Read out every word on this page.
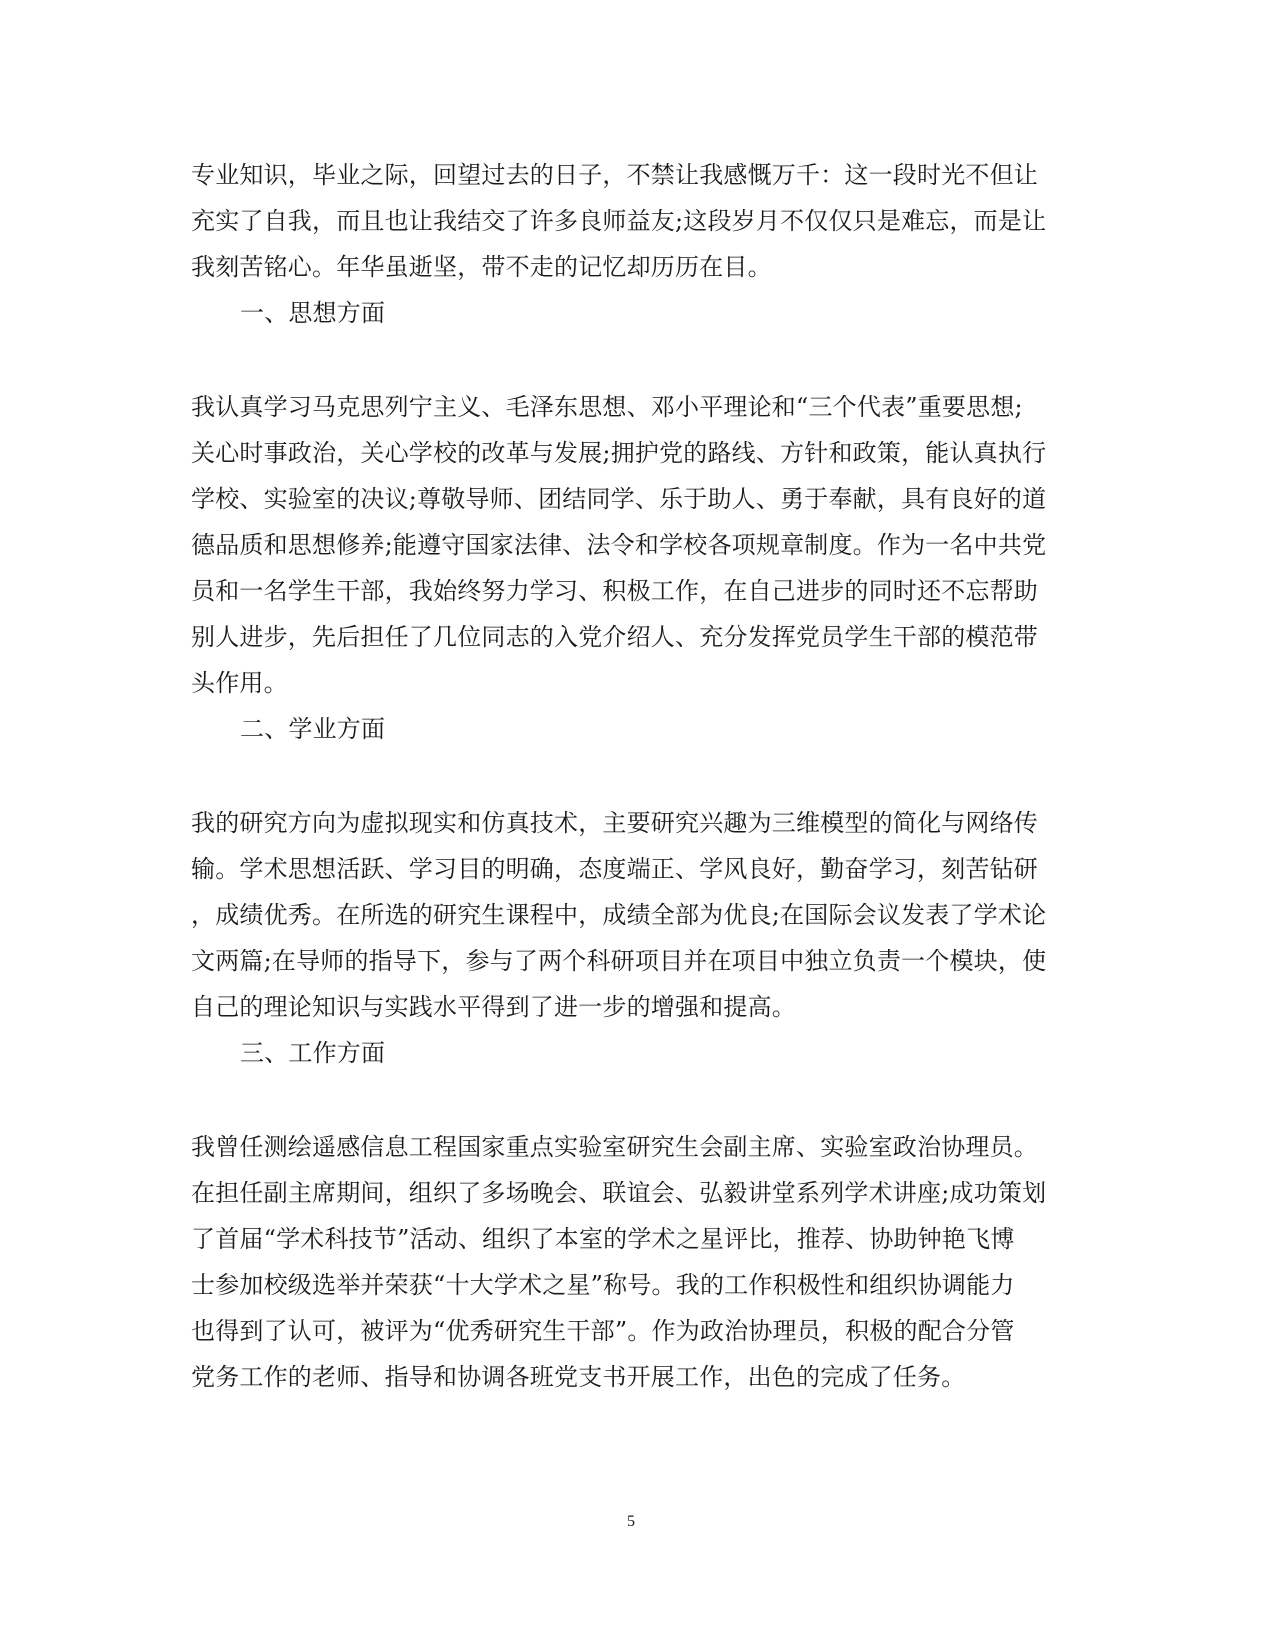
专业知识，毕业之际，回望过去的日子，不禁让我感慨万千：这一段时光不但让
充实了自我，而且也让我结交了许多良师益友;这段岁月不仅仅只是难忘，而是让
我刻苦铭心。年华虽逝坚，带不走的记忆却历历在目。
一、思想方面
我认真学习马克思列宁主义、毛泽东思想、邓小平理论和“三个代表”重要思想;
关心时事政治，关心学校的改革与发展;拥护党的路线、方针和政策，能认真执行
学校、实验室的决议;尊敬导师、团结同学、乐于助人、勇于奉献，具有良好的道
德品质和思想修养;能遵守国家法律、法令和学校各项规章制度。作为一名中共党
员和一名学生干部，我始终努力学习、积极工作，在自己进步的同时还不忘帮助
别人进步，先后担任了几位同志的入党介绍人、充分发挥党员学生干部的模范带
头作用。
二、学业方面
我的研究方向为虚拟现实和仿真技术，主要研究兴趣为三维模型的简化与网络传
输。学术思想活跃、学习目的明确，态度端正、学风良好，勤奋学习，刻苦钻研
，成绩优秀。在所选的研究生课程中，成绩全部为优良;在国际会议发表了学术论
文两篇;在导师的指导下，参与了两个科研项目并在项目中独立负责一个模块，使
自己的理论知识与实践水平得到了进一步的增强和提高。
三、工作方面
我曾任测绘遥感信息工程国家重点实验室研究生会副主席、实验室政治协理员。
在担任副主席期间，组织了多场晚会、联谊会、弘毅讲堂系列学术讲座;成功策划
了首届“学术科技节”活动、组织了本室的学术之星评比，推荐、协助钟艳飞博
士参加校级选举并荣获“十大学术之星”称号。我的工作积极性和组织协调能力
也得到了认可，被评为“优秀研究生干部”。作为政治协理员，积极的配合分管
党务工作的老师、指导和协调各班党支书开展工作，出色的完成了任务。
5
